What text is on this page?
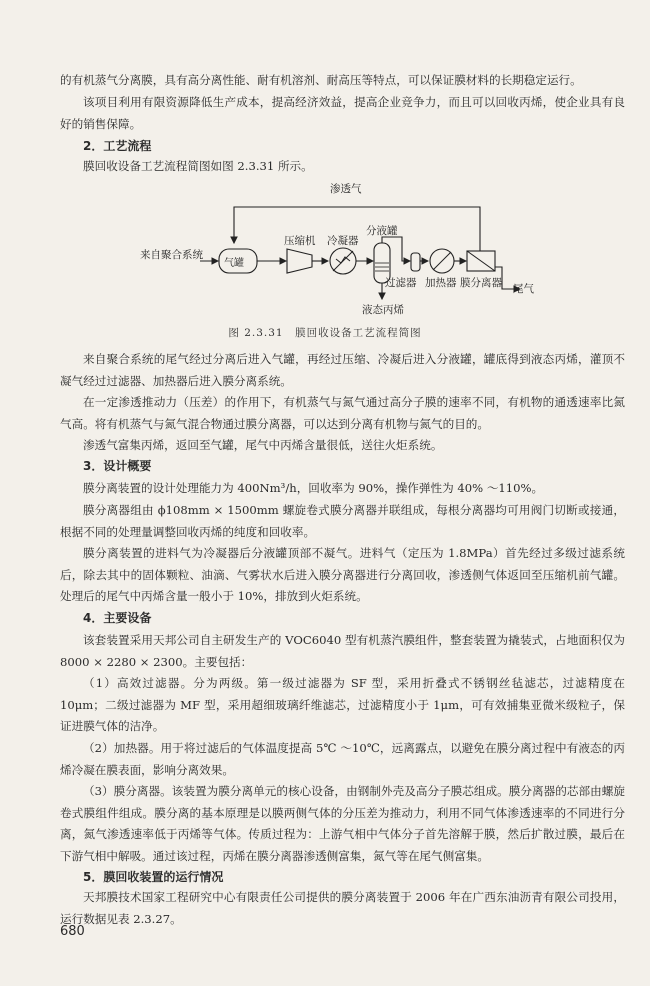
的有机蒸气分离膜，具有高分离性能、耐有机溶剂、耐高压等特点，可以保证膜材料的长期稳定运行。

该项目利用有限资源降低生产成本，提高经济效益，提高企业竞争力，而且可以回收丙烯，使企业具有良好的销售保障。

2．工艺流程

膜回收设备工艺流程简图如图 2.3.31 所示。

渗透气
来自聚合系统
气罐
压缩机 冷凝器
分液罐
过滤器 加热器 膜分离器 尾气
液态丙烯
图 2.3.31　膜回收设备工艺流程简图

来自聚合系统的尾气经过分离后进入气罐，再经过压缩、冷凝后进入分液罐，罐底得到液态丙烯，灌顶不凝气经过过滤器、加热器后进入膜分离系统。

在一定渗透推动力（压差）的作用下，有机蒸气与氮气通过高分子膜的速率不同，有机物的通透速率比氮气高。将有机蒸气与氮气混合物通过膜分离器，可以达到分离有机物与氮气的目的。

渗透气富集丙烯，返回至气罐，尾气中丙烯含量很低，送往火炬系统。

3．设计概要

膜分离装置的设计处理能力为 400Nm³/h，回收率为 90%，操作弹性为 40% ～110%。

膜分离器组由 ϕ108mm × 1500mm 螺旋卷式膜分离器并联组成，每根分离器均可用阀门切断或接通，根据不同的处理量调整回收丙烯的纯度和回收率。

膜分离装置的进料气为冷凝器后分液罐顶部不凝气。进料气（定压为 1.8MPa）首先经过多级过滤系统后，除去其中的固体颗粒、油滴、气雾状水后进入膜分离器进行分离回收，渗透侧气体返回至压缩机前气罐。处理后的尾气中丙烯含量一般小于 10%，排放到火炬系统。

4．主要设备

该套装置采用天邦公司自主研发生产的 VOC6040 型有机蒸汽膜组件，整套装置为撬装式，占地面积仅为 8000 × 2280 × 2300。主要包括：

（1）高效过滤器。分为两级。第一级过滤器为 SF 型，采用折叠式不锈钢丝毡滤芯，过滤精度在 10μm；二级过滤器为 MF 型，采用超细玻璃纤维滤芯，过滤精度小于 1μm，可有效捕集亚微米级粒子，保证进膜气体的洁净。

（2）加热器。用于将过滤后的气体温度提高 5℃ ～10℃，远离露点，以避免在膜分离过程中有液态的丙烯冷凝在膜表面，影响分离效果。

（3）膜分离器。该装置为膜分离单元的核心设备，由钢制外壳及高分子膜芯组成。膜分离器的芯部由螺旋卷式膜组件组成。膜分离的基本原理是以膜两侧气体的分压差为推动力，利用不同气体渗透速率的不同进行分离，氮气渗透速率低于丙烯等气体。传质过程为：上游气相中气体分子首先溶解于膜，然后扩散过膜，最后在下游气相中解吸。通过该过程，丙烯在膜分离器渗透侧富集，氮气等在尾气侧富集。

5．膜回收装置的运行情况

天邦膜技术国家工程研究中心有限责任公司提供的膜分离装置于 2006 年在广西东油沥青有限公司投用，运行数据见表 2.3.27。

680
